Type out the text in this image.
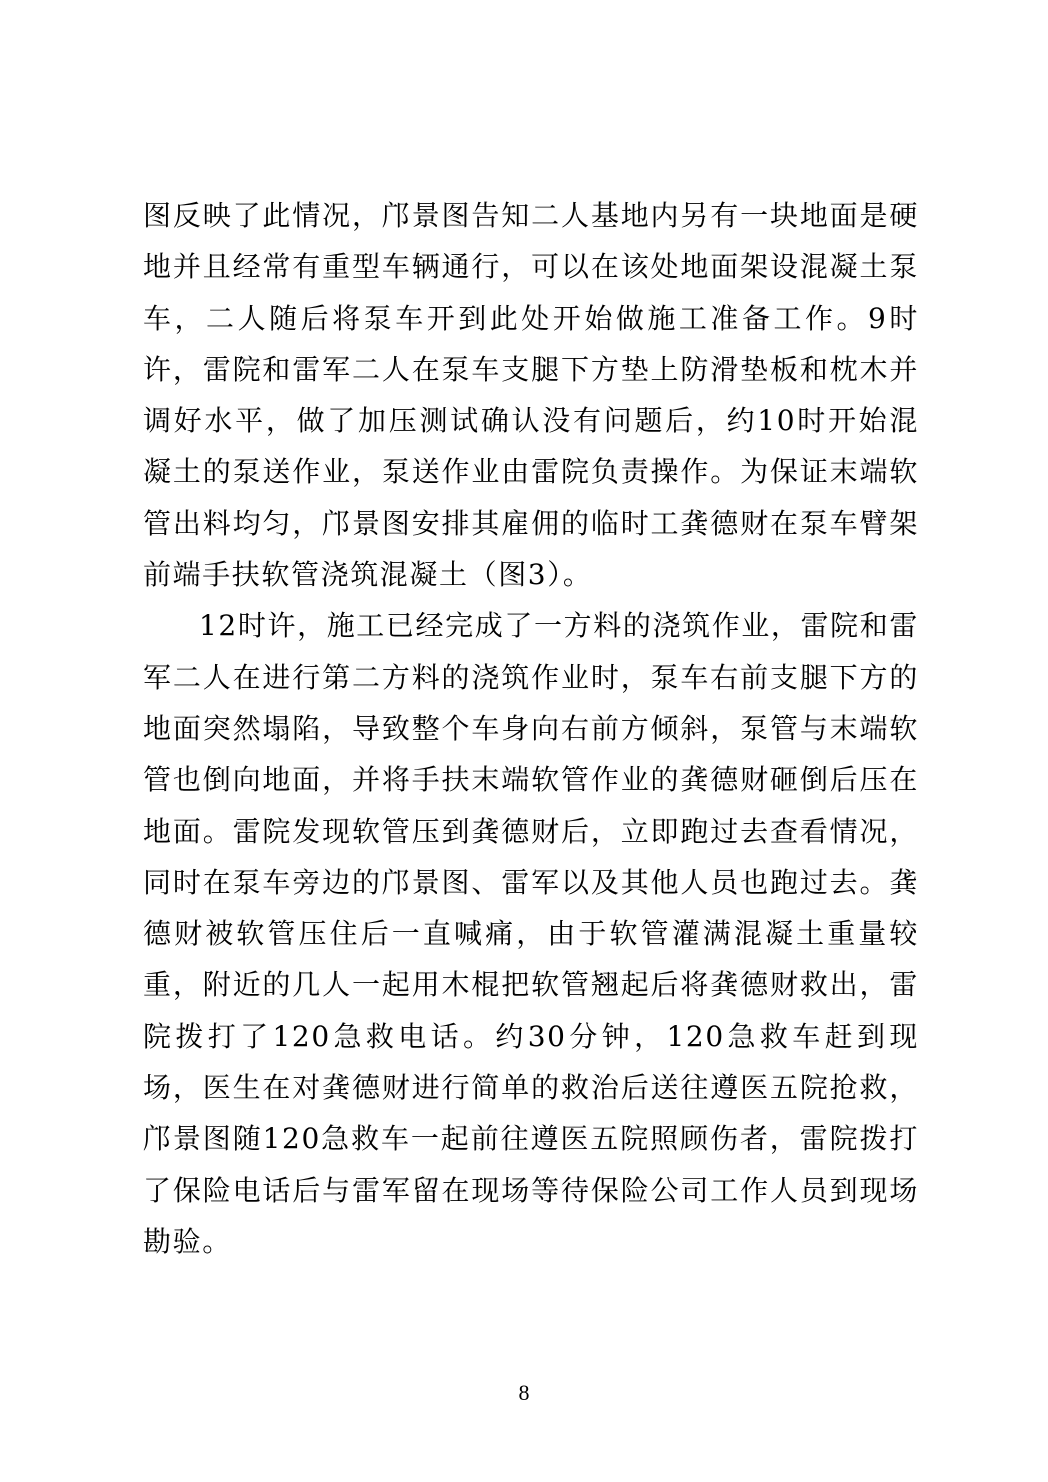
图反映了此情况，邝景图告知二人基地内另有一块地面是硬地并且经常有重型车辆通行，可以在该处地面架设混凝土泵车，二人随后将泵车开到此处开始做施工准备工作。9时许，雷院和雷军二人在泵车支腿下方垫上防滑垫板和枕木并调好水平，做了加压测试确认没有问题后，约10时开始混凝土的泵送作业，泵送作业由雷院负责操作。为保证末端软管出料均匀，邝景图安排其雇佣的临时工龚德财在泵车臂架前端手扶软管浇筑混凝土（图3）。

12时许，施工已经完成了一方料的浇筑作业，雷院和雷军二人在进行第二方料的浇筑作业时，泵车右前支腿下方的地面突然塌陷，导致整个车身向右前方倾斜，泵管与末端软管也倒向地面，并将手扶末端软管作业的龚德财砸倒后压在地面。雷院发现软管压到龚德财后，立即跑过去查看情况，同时在泵车旁边的邝景图、雷军以及其他人员也跑过去。龚德财被软管压住后一直喊痛，由于软管灌满混凝土重量较重，附近的几人一起用木棍把软管翘起后将龚德财救出，雷院拨打了120急救电话。约30分钟，120急救车赶到现场，医生在对龚德财进行简单的救治后送往遵医五院抢救，邝景图随120急救车一起前往遵医五院照顾伤者，雷院拨打了保险电话后与雷军留在现场等待保险公司工作人员到现场勘验。

8
